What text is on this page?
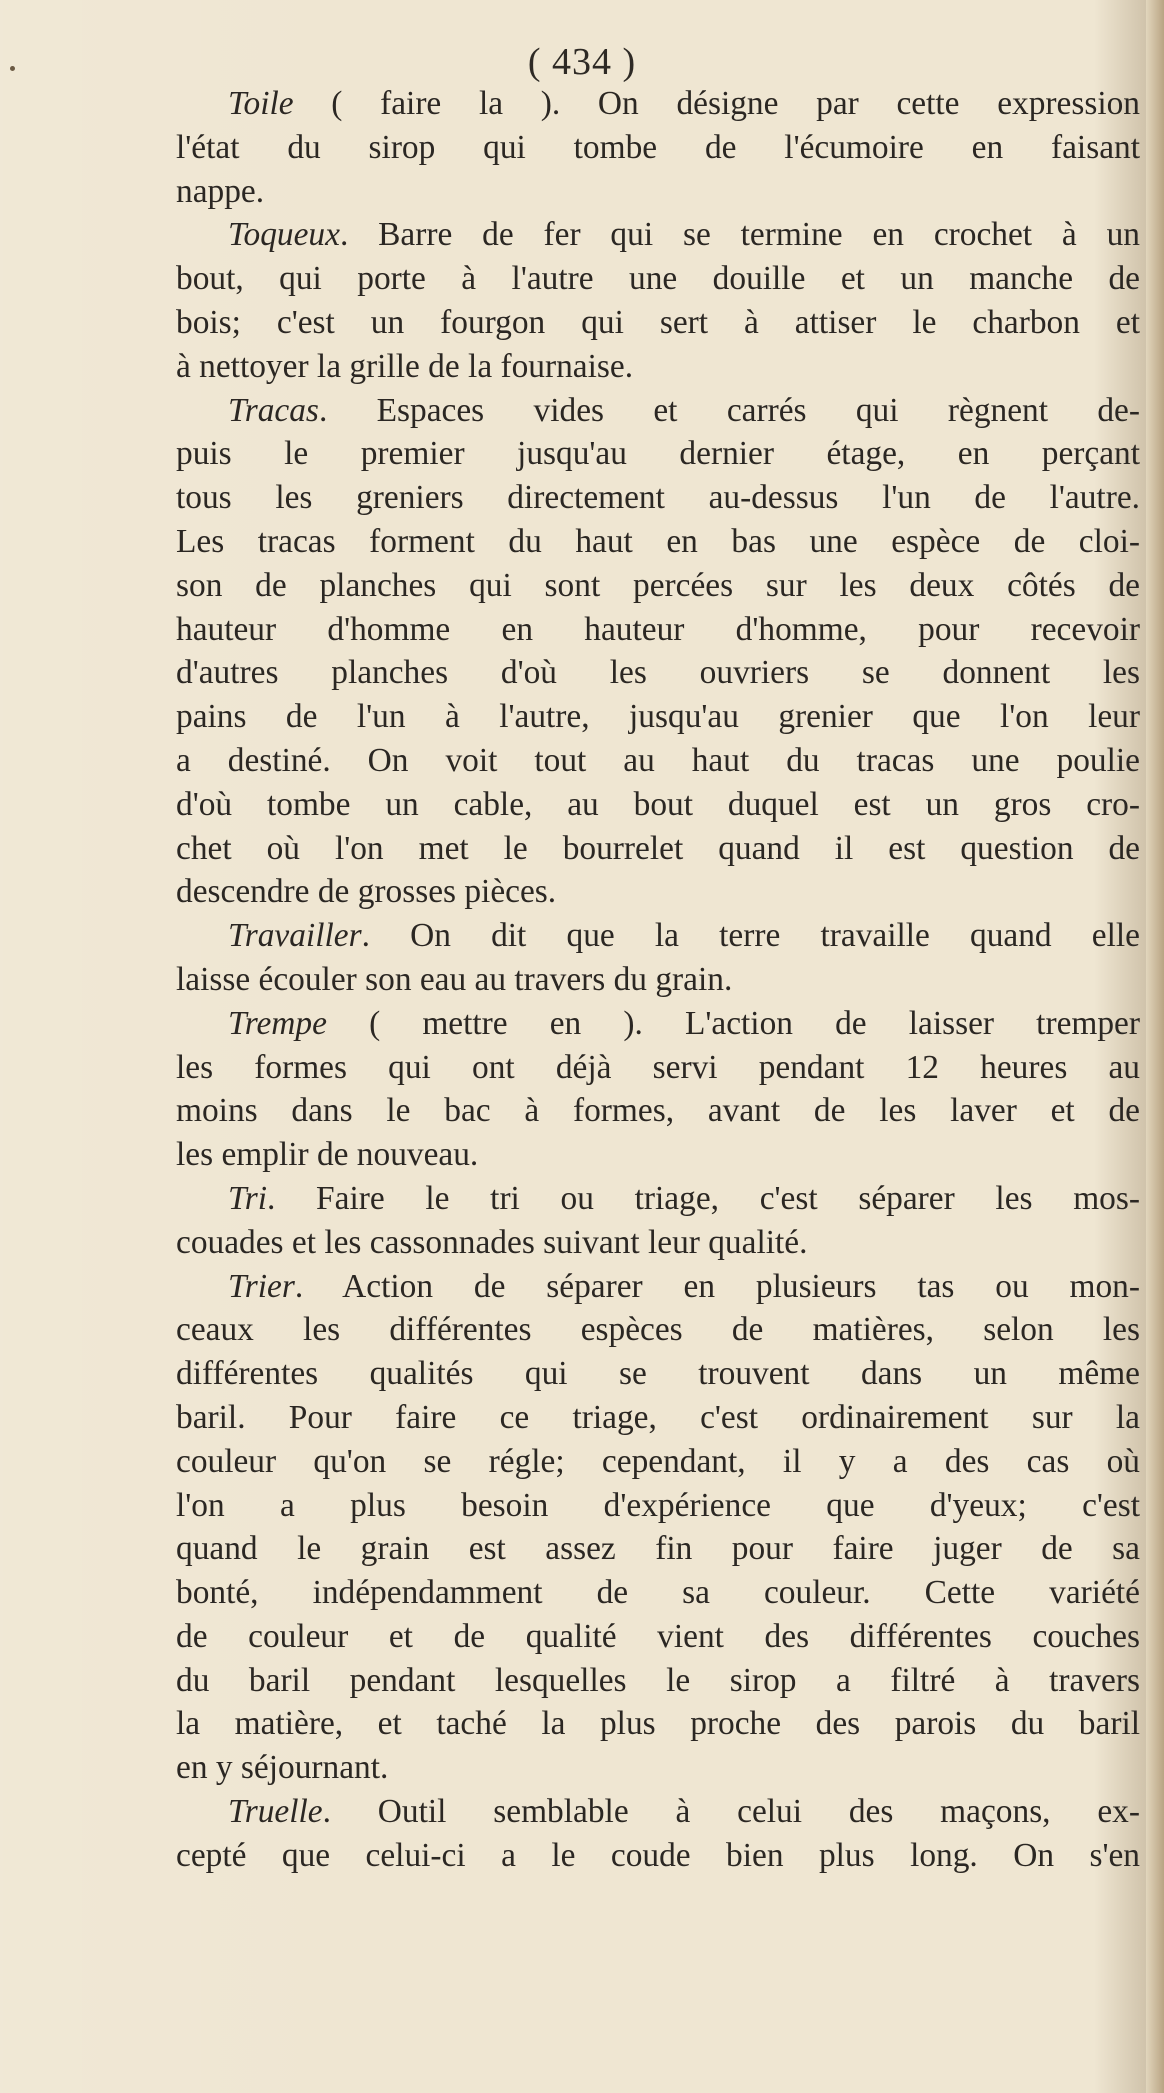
( 434 )
Toile ( faire la ). On désigne par cette expression
l'état du sirop qui tombe de l'écumoire en faisant
nappe.
Toqueux. Barre de fer qui se termine en crochet à un
bout, qui porte à l'autre une douille et un manche de
bois; c'est un fourgon qui sert à attiser le charbon et
à nettoyer la grille de la fournaise.
Tracas. Espaces vides et carrés qui règnent de-
puis le premier jusqu'au dernier étage, en perçant
tous les greniers directement au-dessus l'un de l'autre.
Les tracas forment du haut en bas une espèce de cloi-
son de planches qui sont percées sur les deux côtés de
hauteur d'homme en hauteur d'homme, pour recevoir
d'autres planches d'où les ouvriers se donnent les
pains de l'un à l'autre, jusqu'au grenier que l'on leur
a destiné. On voit tout au haut du tracas une poulie
d'où tombe un cable, au bout duquel est un gros cro-
chet où l'on met le bourrelet quand il est question de
descendre de grosses pièces.
Travailler. On dit que la terre travaille quand elle
laisse écouler son eau au travers du grain.
Trempe ( mettre en ). L'action de laisser tremper
les formes qui ont déjà servi pendant 12 heures au
moins dans le bac à formes, avant de les laver et de
les emplir de nouveau.
Tri. Faire le tri ou triage, c'est séparer les mos-
couades et les cassonnades suivant leur qualité.
Trier. Action de séparer en plusieurs tas ou mon-
ceaux les différentes espèces de matières, selon les
différentes qualités qui se trouvent dans un même
baril. Pour faire ce triage, c'est ordinairement sur la
couleur qu'on se régle; cependant, il y a des cas où
l'on a plus besoin d'expérience que d'yeux; c'est
quand le grain est assez fin pour faire juger de sa
bonté, indépendamment de sa couleur. Cette variété
de couleur et de qualité vient des différentes couches
du baril pendant lesquelles le sirop a filtré à travers
la matière, et taché la plus proche des parois du baril
en y séjournant.
Truelle. Outil semblable à celui des maçons, ex-
cepté que celui-ci a le coude bien plus long. On s'en
